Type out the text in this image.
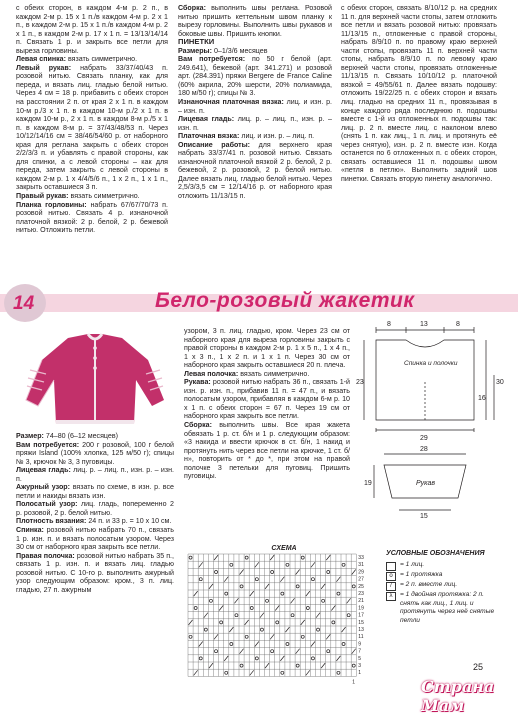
с обеих сторон, в каждом 4-м р. 2 п., в каждом 2-м р. 15 х 1 п./в каждом 4-м р. 2 х 1 п., в каждом 2-м р. 15 х 1 п./в каждом 4-м р. 2 х 1 п., в каждом 2-м р. 17 х 1 п. = 13/13/14/14 п. Связать 1 р. и закрыть все петли для выреза горловины.

Левая спинка: вязать симметрично.

Левый рукав: набрать 33/37/40/43 п. розовой нитью. Связать планку, как для переда, и вязать лиц. гладью белой нитью. Через 4 см = 18 р. прибавить с обеих сторон на расстоянии 2 п. от края 2 х 1 п. в каждом 10-м р./3 х 1 п. в каждом 10-м р./2 х 1 п. в каждом 10-м р., 2 х 1 п. в каждом 8-м р./5 х 1 п. в каждом 8-м р. = 37/43/48/53 п. Через 10/12/14/16 см = 38/46/54/60 р. от наборного края для реглана закрыть с обеих сторон 2/2/3/3 п. и убавлять с правой стороны, как для спинки, а с левой стороны – как для переда, затем закрыть с левой стороны в каждом 2-м р. 1 х 4/4/5/6 п., 1 х 2 п., 1 х 1 п., закрыть оставшиеся 3 п.

Правый рукав: вязать симметрично.

Планка горловины: набрать 67/67/70/73 п. розовой нитью. Связать 4 р. изнаночной платочной вязкой: 2 р. белой, 2 р. бежевой нитью. Отложить петли.

Сборка: выполнить швы реглана. Розовой нитью пришить кеттельным швом планку к вырезу горловины. Выполнить швы рукавов и боковые швы. Пришить кнопки.

ПИНЕТКИ

Размеры: 0–1/3/6 месяцев

Вам потребуется: по 50 г белой (арт. 249.641), бежевой (арт. 341.271) и розовой арт. (284.391) пряжи Bergere de France Caline (60% акрила, 20% шерсти, 20% полиамида, 180 м/50 г); спицы № 3.

Изнаночная платочная вязка: лиц. и изн. р. – изн. п.

Лицевая гладь: лиц. р. – лиц. п., изн. р. – изн. п.

Платочная вязка: лиц. и изн. р. – лиц. п.

Описание работы: для верхнего края набрать 33/37/41 п. розовой нитью. Связать изнаночной платочной вязкой 2 р. белой, 2 р. бежевой, 2 р. розовой, 2 р. белой нитью. Далее вязать лиц. гладью белой нитью. Через 2,5/3/3,5 см = 12/14/16 р. от наборного края отложить 11/13/15 п.

с обеих сторон, связать 8/10/12 р. на средних 11 п. для верхней части стопы, затем отложить все петли и вязать розовой нитью: провязать 11/13/15 п., отложенные с правой стороны, набрать 8/9/10 п. по правому краю верхней части стопы, провязать 11 п. верхней части стопы, набрать 8/9/10 п. по левому краю верхней части стопы, провязать отложенные 11/13/15 п. Связать 10/10/12 р. платочной вязкой = 49/55/61 п. Далее вязать подошву: отложить 19/22/25 п. с обеих сторон и вязать лиц. гладью на средних 11 п., провязывая в конце каждого ряда последнюю п. подошвы вместе с 1-й из отложенных п. подошвы так: лиц. р. 2 п. вместе лиц. с наклоном влево (снять 1 п. как лиц., 1 п. лиц. и протянуть её через снятую), изн. р. 2 п. вместе изн. Когда останется по 6 отложенных п. с обеих сторон, связать оставшиеся 11 п. подошвы швом «петля в петлю». Выполнить задний шов пинетки. Связать вторую пинетку аналогично.

14	Бело-розовый жакетик

Размер: 74–80 (6–12 месяцев)

Вам потребуется: 200 г розовой, 100 г белой пряжи Island (100% хлопка, 125 м/50 г); спицы № 3, крючок № 3, 3 пуговицы.

Лицевая гладь: лиц. р. – лиц. п., изн. р. – изн. п.

Ажурный узор: вязать по схеме, в изн. р. все петли и накиды вязать изн.

Полосатый узор: лиц. гладь, попеременно 2 р. розовой, 2 р. белой нитью.

Плотность вязания: 24 п. и 33 р. = 10 х 10 см.

Спинка: розовой нитью набрать 70 п., связать 1 р. изн. п. и вязать полосатым узором. Через 30 см от наборного края закрыть все петли.

Правая полочка: розовой нитью набрать 35 п., связать 1 р. изн. п. и вязать лиц. гладью розовой нитью. С 10-го р. выполнить ажурный узор следующим образом: кром., 3 п. лиц. гладью, 27 п. ажурным

узором, 3 п. лиц. гладью, кром. Через 23 см от наборного края для выреза горловины закрыть с правой стороны в каждом 2-м р. 1 х 5 п., 1 х 4 п., 1 х 3 п., 1 х 2 п. и 1 х 1 п. Через 30 см от наборного края закрыть оставшиеся 20 п. плеча.

Левая полочка: вязать симметрично.

Рукава: розовой нитью набрать 36 п., связать 1-й изн. р. изн. п., прибавив 11 п. = 47 п., и вязать полосатым узором, прибавляя в каждом 6-м р. 10 х 1 п. с обеих сторон = 67 п. Через 19 см от наборного края закрыть все петли.

Сборка: выполнить швы. Все края жакета обвязать 1 р. ст. б/н и 1 р. следующим образом: «3 накида и ввести крючок в ст. б/н, 1 накид и протянуть нить через все петли на крючке, 1 ст. б/н», повторить от * до *, при этом на правой полочке 3 петельки для пуговиц. Пришить пуговицы.

8	13	8
Спинка и полочки
23
16
30
29
28
Рукав
19
15
СХЕМА
33
31
29
27
25
23
21
19
17
15
13
11
9
7
5
3
1
1
УСЛОВНЫЕ ОБОЗНАЧЕНИЯ
= 1 лиц.
o	= 1 протяжка
/	= 2 п. вместе лиц.
λ	= 1 двойная протяжка: 2 п. снять как лиц., 1 лиц. и протянуть через неё снятые петли
25
Страна Мам
